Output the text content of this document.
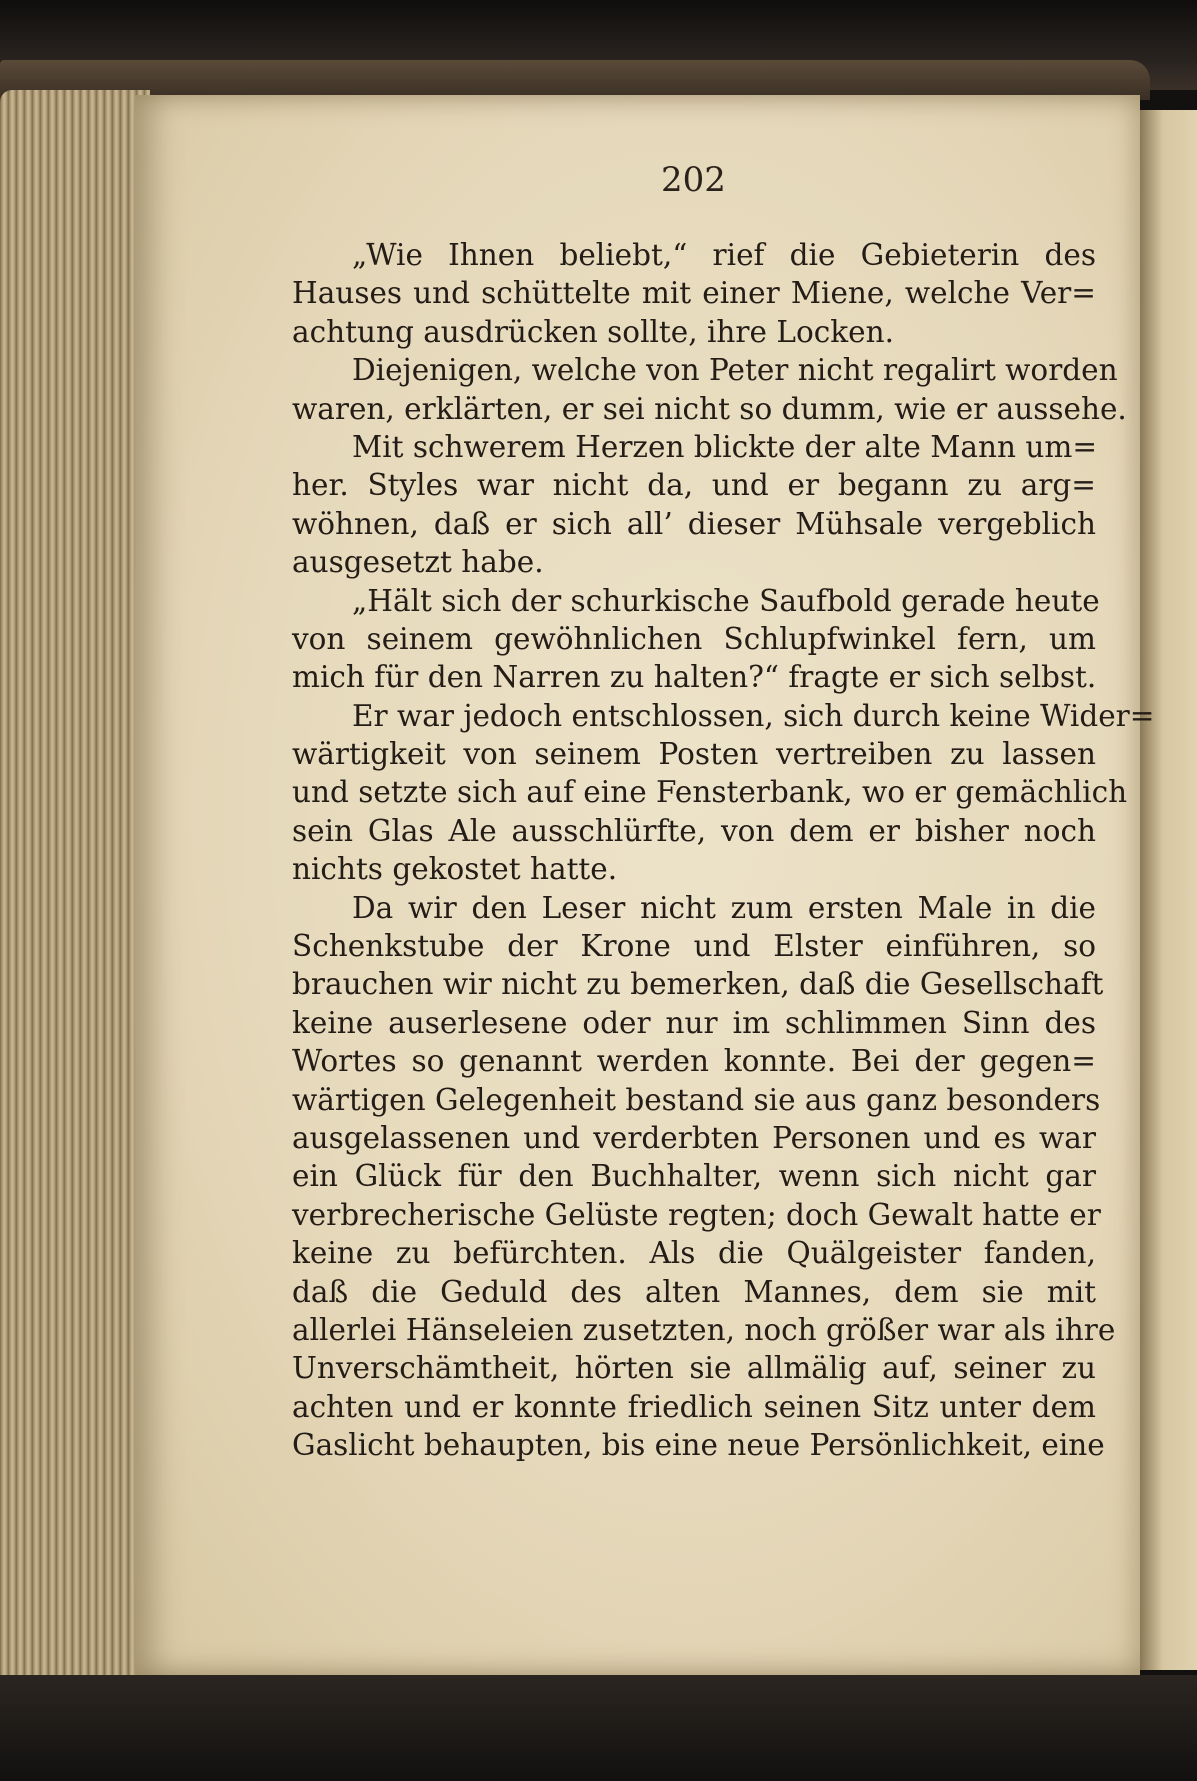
202
„Wie Ihnen beliebt,“ rief die Gebieterin des
Hauses und schüttelte mit einer Miene, welche Ver=
achtung ausdrücken sollte, ihre Locken.
Diejenigen, welche von Peter nicht regalirt worden
waren, erklärten, er sei nicht so dumm, wie er aussehe.
Mit schwerem Herzen blickte der alte Mann um=
her. Styles war nicht da, und er begann zu arg=
wöhnen, daß er sich all’ dieser Mühsale vergeblich
ausgesetzt habe.
„Hält sich der schurkische Saufbold gerade heute
von seinem gewöhnlichen Schlupfwinkel fern, um
mich für den Narren zu halten?“ fragte er sich selbst.
Er war jedoch entschlossen, sich durch keine Wider=
wärtigkeit von seinem Posten vertreiben zu lassen
und setzte sich auf eine Fensterbank, wo er gemächlich
sein Glas Ale ausschlürfte, von dem er bisher noch
nichts gekostet hatte.
Da wir den Leser nicht zum ersten Male in die
Schenkstube der Krone und Elster einführen, so
brauchen wir nicht zu bemerken, daß die Gesellschaft
keine auserlesene oder nur im schlimmen Sinn des
Wortes so genannt werden konnte. Bei der gegen=
wärtigen Gelegenheit bestand sie aus ganz besonders
ausgelassenen und verderbten Personen und es war
ein Glück für den Buchhalter, wenn sich nicht gar
verbrecherische Gelüste regten; doch Gewalt hatte er
keine zu befürchten. Als die Quälgeister fanden,
daß die Geduld des alten Mannes, dem sie mit
allerlei Hänseleien zusetzten, noch größer war als ihre
Unverschämtheit, hörten sie allmälig auf, seiner zu
achten und er konnte friedlich seinen Sitz unter dem
Gaslicht behaupten, bis eine neue Persönlichkeit, eine
